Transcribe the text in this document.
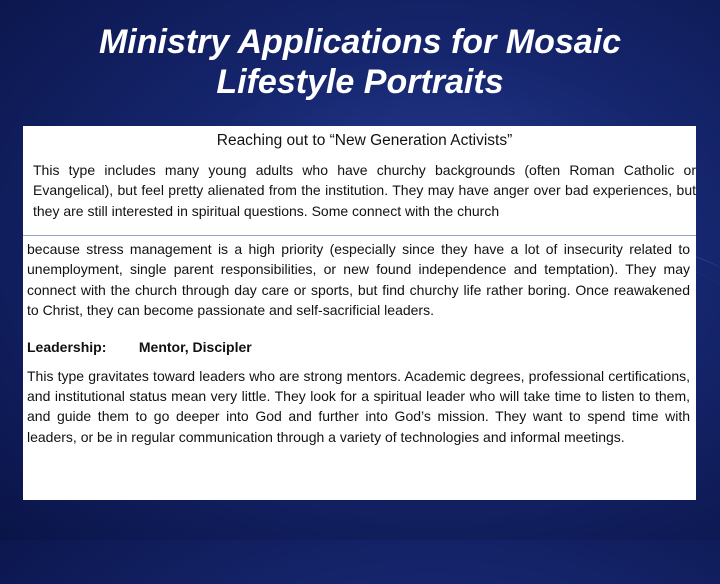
Ministry Applications for Mosaic
Lifestyle Portraits
Reaching out to “New Generation Activists”

This type includes many young adults who have churchy backgrounds (often Roman Catholic or Evangelical), but feel pretty alienated from the institution. They may have anger over bad experiences, but they are still interested in spiritual questions. Some connect with the church

because stress management is a high priority (especially since they have a lot of insecurity related to unemployment, single parent responsibilities, or new found independence and temptation). They may connect with the church through day care or sports, but find churchy life rather boring. Once reawakened to Christ, they can become passionate and self-sacrificial leaders.

Leadership: Mentor, Discipler

This type gravitates toward leaders who are strong mentors. Academic degrees, professional certifications, and institutional status mean very little. They look for a spiritual leader who will take time to listen to them, and guide them to go deeper into God and further into God’s mission. They want to spend time with leaders, or be in regular communication through a variety of technologies and informal meetings.
